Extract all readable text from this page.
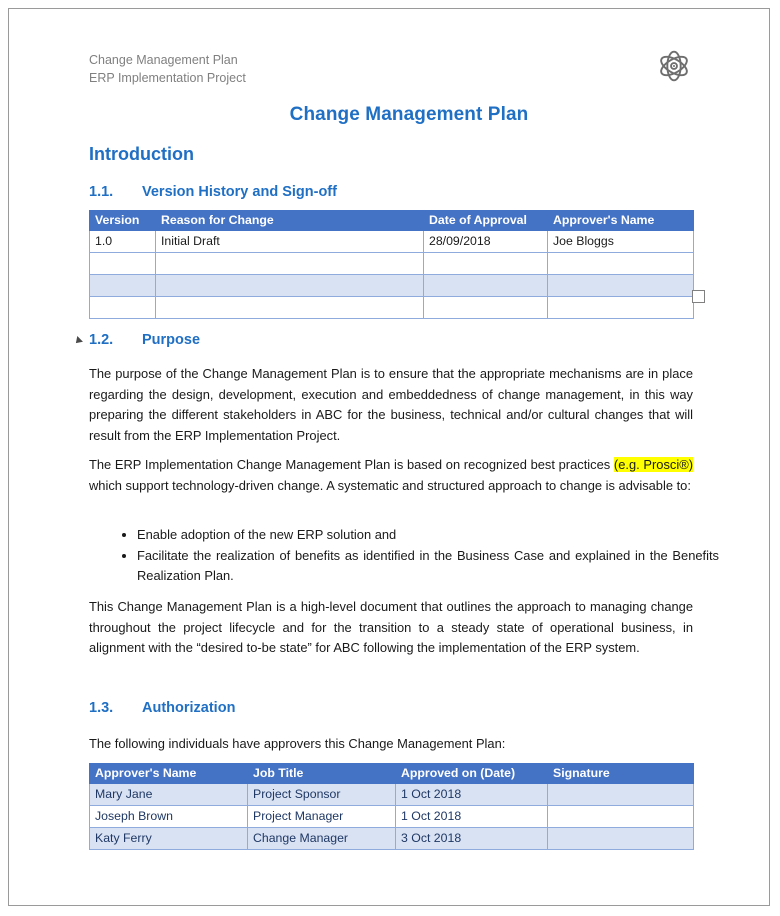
Change Management Plan
ERP Implementation Project
Change Management Plan
Introduction
1.1. Version History and Sign-off
Version	Reason for Change	Date of Approval	Approver's Name
1.0	Initial Draft	28/09/2018	Joe Bloggs

1.2. Purpose
The purpose of the Change Management Plan is to ensure that the appropriate mechanisms are in place regarding the design, development, execution and embeddedness of change management, in this way preparing the different stakeholders in ABC for the business, technical and/or cultural changes that will result from the ERP Implementation Project.
The ERP Implementation Change Management Plan is based on recognized best practices (e.g. Prosci®) which support technology-driven change. A systematic and structured approach to change is advisable to:
• Enable adoption of the new ERP solution and
• Facilitate the realization of benefits as identified in the Business Case and explained in the Benefits Realization Plan.
This Change Management Plan is a high-level document that outlines the approach to managing change throughout the project lifecycle and for the transition to a steady state of operational business, in alignment with the “desired to-be state” for ABC following the implementation of the ERP system.
1.3. Authorization
The following individuals have approvers this Change Management Plan:
Approver's Name	Job Title	Approved on (Date)	Signature
Mary Jane	Project Sponsor	1 Oct 2018	
Joseph Brown	Project Manager	1 Oct 2018	
Katy Ferry	Change Manager	3 Oct 2018	
